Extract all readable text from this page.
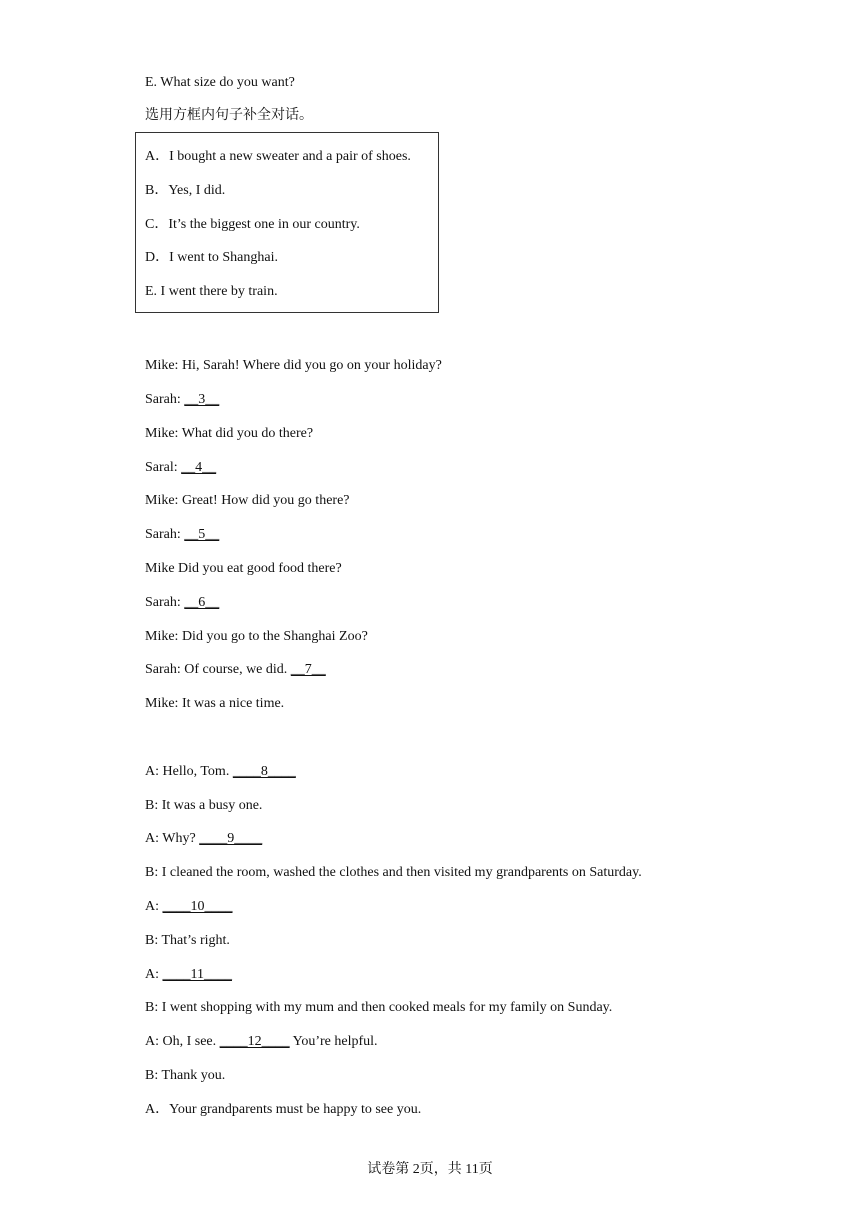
E. What size do you want?
选用方框内句子补全对话。
A．I bought a new sweater and a pair of shoes.
B．Yes, I did.
C．It’s the biggest one in our country.
D．I went to Shanghai.
E. I went there by train.
Mike: Hi, Sarah! Where did you go on your holiday?
Sarah: __3__
Mike: What did you do there?
Saral: __4__
Mike: Great! How did you go there?
Sarah: __5__
Mike Did you eat good food there?
Sarah: __6__
Mike: Did you go to the Shanghai Zoo?
Sarah: Of course, we did. __7__
Mike: It was a nice time.
A: Hello, Tom. ____8____
B: It was a busy one.
A: Why? ____9____
B: I cleaned the room, washed the clothes and then visited my grandparents on Saturday.
A: ____10____
B: That’s right.
A: ____11____
B: I went shopping with my mum and then cooked meals for my family on Sunday.
A: Oh, I see. ____12____ You’re helpful.
B: Thank you.
A．Your grandparents must be happy to see you.
试卷第 2页，共 11页
